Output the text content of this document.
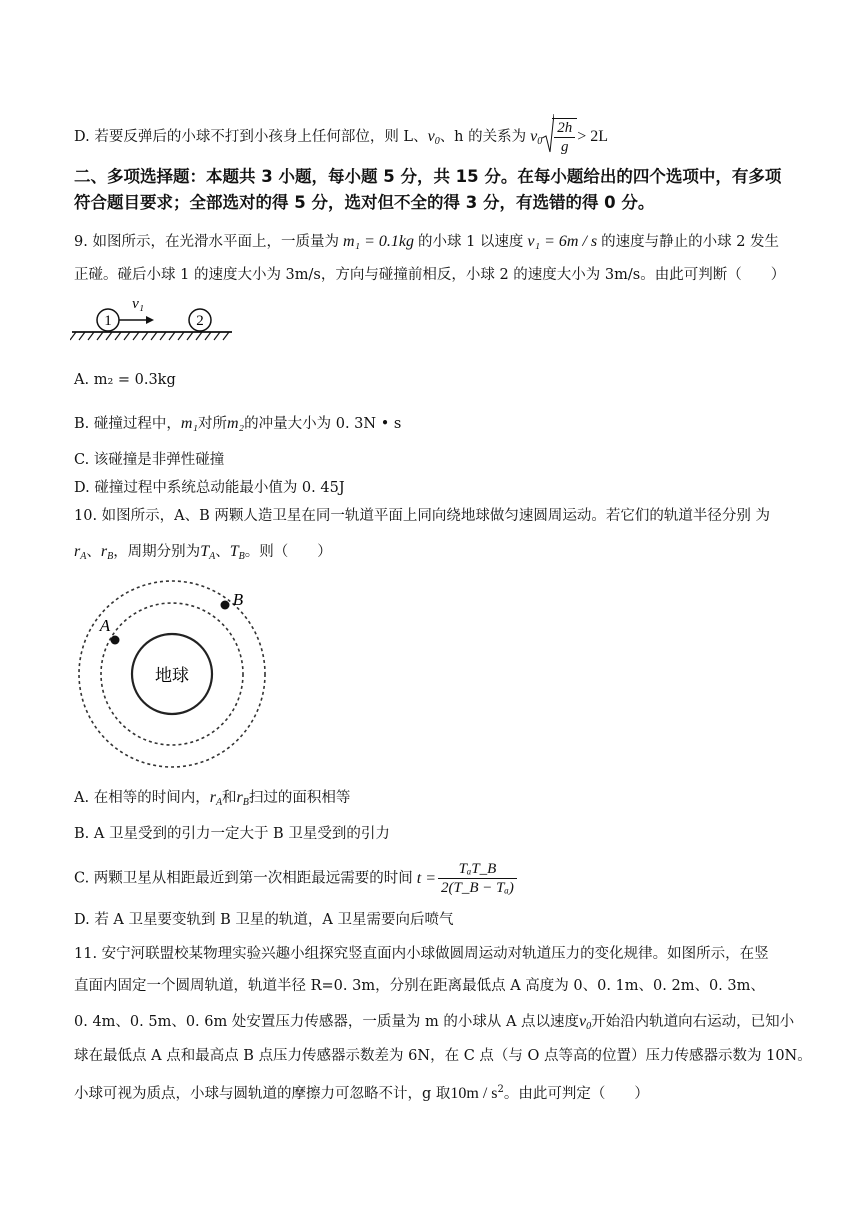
D. 若要反弹后的小球不打到小孩身上任何部位，则 L、$v_0$、h 的关系为 $v_0 \frac{2h}{g} > 2L$
二、多项选择题：本题共 3 小题，每小题 5 分，共 15 分。在每小题给出的四个选项中，有多项
符合题目要求；全部选对的得 5 分，选对但不全的得 3 分，有选错的得 0 分。
9. 如图所示，在光滑水平面上，一质量为 m₁ = 0.1kg 的小球 1 以速度 v₁ = 6m / s 的速度与静止的小球 2 发生
正碰。碰后小球 1 的速度大小为 3m/s，方向与碰撞前相反，小球 2 的速度大小为 3m/s。由此可判断（　　）
1	2
v₁
A. m₂ = 0.3kg
B. 碰撞过程中，m₁对所m₂的冲量大小为 0. 3N • s
C. 该碰撞是非弹性碰撞
D. 碰撞过程中系统总动能最小值为 0. 45J
10. 如图所示，A、B 两颗人造卫星在同一轨道平面上同向绕地球做匀速圆周运动。若它们的轨道半径分别 为
$r_A$、$r_B$，周期分别为$T_A$、$T_B$。则（　　）
地球
A
B
A. 在相等的时间内，$r_A$和$r_B$扫过的面积相等
B. A 卫星受到的引力一定大于 B 卫星受到的引力
C. 两颗卫星从相距最近到第一次相距最远需要的时间 $t = \frac{\text{TₐT\_B}}{\text{2(T\_B − Tₐ)}}$
D. 若 A 卫星要变轨到 B 卫星的轨道，A 卫星需要向后喷气
11. 安宁河联盟校某物理实验兴趣小组探究竖直面内小球做圆周运动对轨道压力的变化规律。如图所示，在竖
直面内固定一个圆周轨道，轨道半径 R=0. 3m，分别在距离最低点 A 高度为 0、0. 1m、0. 2m、0. 3m、
0. 4m、0. 5m、0. 6m 处安置压力传感器，一质量为 m 的小球从 A 点以速度$v_0$开始沿内轨道向右运动，已知小
球在最低点 A 点和最高点 B 点压力传感器示数差为 6N，在 C 点（与 O 点等高的位置）压力传感器示数为 10N。
小球可视为质点，小球与圆轨道的摩擦力可忽略不计，g 取$10m / s^2$。由此可判定（　　）
